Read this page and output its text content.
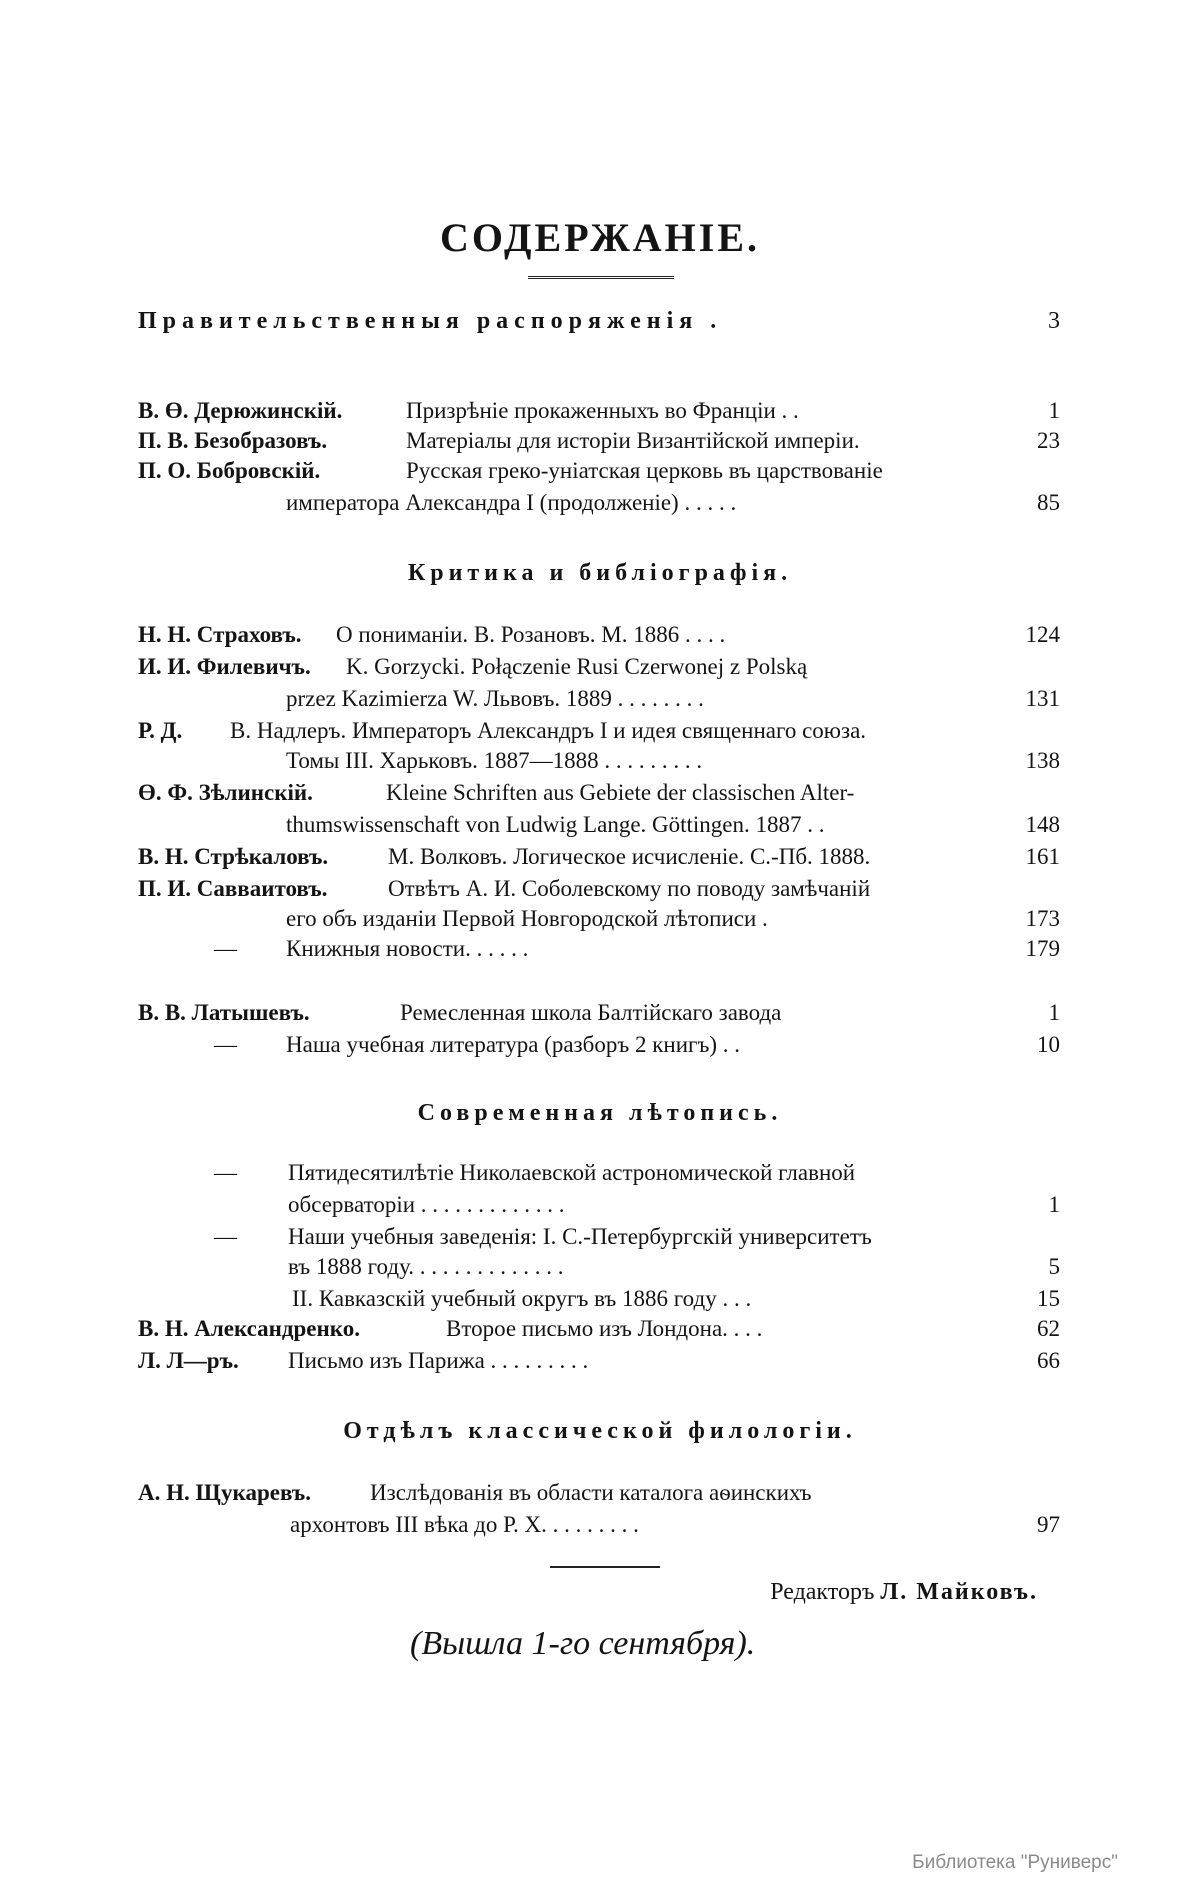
СОДЕРЖАНІЕ.
Правительственныя распоряженія .	3
В. Ө. Дерюжинскій.	Призрѣніе прокаженныхъ во Франціи . .	1
П. В. Безобразовъ.	Матеріалы для исторіи Византійской имперіи.	23
П. О. Бобровскій.	Русская греко-уніатская церковь въ царствованіе
императора Александра I (продолженіе) . . . . .	85
Критика и библіографія.
Н. Н. Страховъ. О пониманіи. В. Розановъ. М. 1886 . . . .	124
И. И. Филевичъ. K. Gorzycki. Połączenie Rusi Czerwonej z Polską
przez Kazimierza W. Львовъ. 1889 . . . . . . . .	131
Р. Д. В. Надлеръ. Императоръ Александръ I и идея священнаго союза.
Томы III. Харьковъ. 1887—1888 . . . . . . . . .	138
Ө. Ф. Зѣлинскій.	Kleine Schriften aus Gebiete der classischen Alter-
thumswissenschaft von Ludwig Lange. Göttingen. 1887 . .	148
В. Н. Стрѣкаловъ.	М. Волковъ. Логическое исчисленіе. С.-Пб. 1888.	161
П. И. Савваитовъ.	Отвѣтъ А. И. Соболевскому по поводу замѣчаній
его объ изданіи Первой Новгородской лѣтописи .	173
— Книжныя новости. . . . . .	179
В. В. Латышевъ.	Ремесленная школа Балтійскаго завода	1
— Наша учебная литература (разборъ 2 книгъ) . .	10
Современная лѣтопись.
— Пятидесятилѣтіе Николаевской астрономической главной
обсерваторіи . . . . . . . . . . . . .	1
— Наши учебныя заведенія: I. С.-Петербургскій университетъ
въ 1888 году. . . . . . . . . . . . . .	5
II. Кавказскій учебный округъ въ 1886 году . . .	15
В. Н. Александренко.	Второе письмо изъ Лондона. . . .	62
Л. Л—ръ. Письмо изъ Парижа . . . . . . . . .	66
Отдѣлъ классической филологіи.
А. Н. Щукаревъ.	Изслѣдованія въ области каталога аѳинскихъ
архонтовъ III вѣка до Р. Х. . . . . . . . .	97
Редакторъ Л. Майковъ.
(Вышла 1-го сентября).
Библиотека "Руниверс"
